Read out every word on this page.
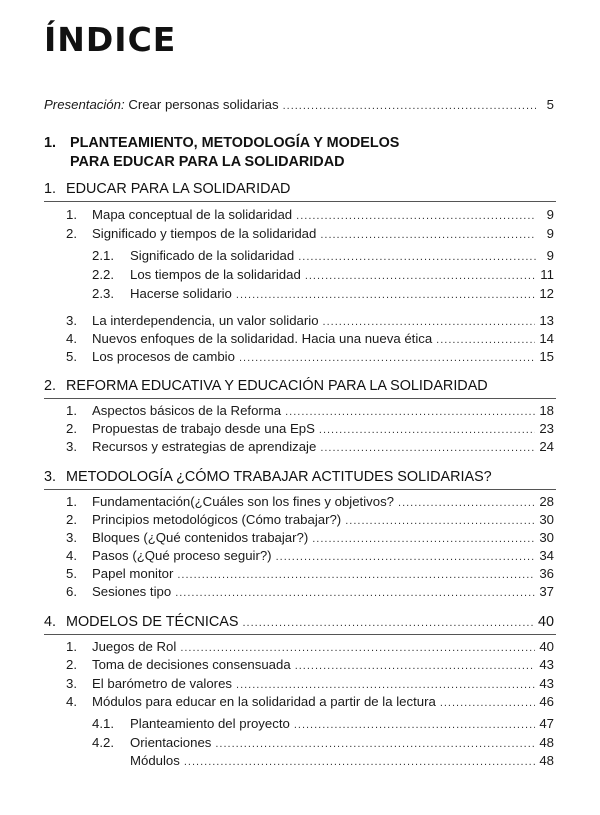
ÍNDICE
Presentación:
Crear personas solidarias .....	5
1. PLANTEAMIENTO, METODOLOGÍA Y MODELOS
PARA EDUCAR PARA LA SOLIDARIDAD
1. EDUCAR PARA LA SOLIDARIDAD
1.	Mapa conceptual de la solidaridad .....	9
2.	Significado y tiempos de la solidaridad .....	9
2.1.	Significado de la solidaridad .....	9
2.2.	Los tiempos de la solidaridad .....	11
2.3.	Hacerse solidario .....	12
3.	La interdependencia, un valor solidario .....	13
4.	Nuevos enfoques de la solidaridad. Hacia una nueva ética .....	14
5.	Los procesos de cambio .....	15
2. REFORMA EDUCATIVA Y EDUCACIÓN PARA LA SOLIDARIDAD
1.	Aspectos básicos de la Reforma .....	18
2.	Propuestas de trabajo desde una EpS .....	23
3.	Recursos y estrategias de aprendizaje .....	24
3. METODOLOGÍA ¿CÓMO TRABAJAR ACTITUDES SOLIDARIAS?
1.	Fundamentación(¿Cuáles son los fines y objetivos? .....	28
2.	Principios metodológicos (Cómo trabajar?) .....	30
3.	Bloques (¿Qué contenidos trabajar?) .....	30
4.	Pasos (¿Qué proceso seguir?) .....	34
5.	Papel monitor .....	36
6.	Sesiones tipo .....	37
4. MODELOS DE TÉCNICAS .....	40
1.	Juegos de Rol .....	40
2.	Toma de decisiones consensuada .....	43
3.	El barómetro de valores .....	43
4.	Módulos para educar en la solidaridad a partir de la lectura .....	46
4.1.	Planteamiento del proyecto .....	47
4.2.	Orientaciones .....	48
Módulos .....	48
